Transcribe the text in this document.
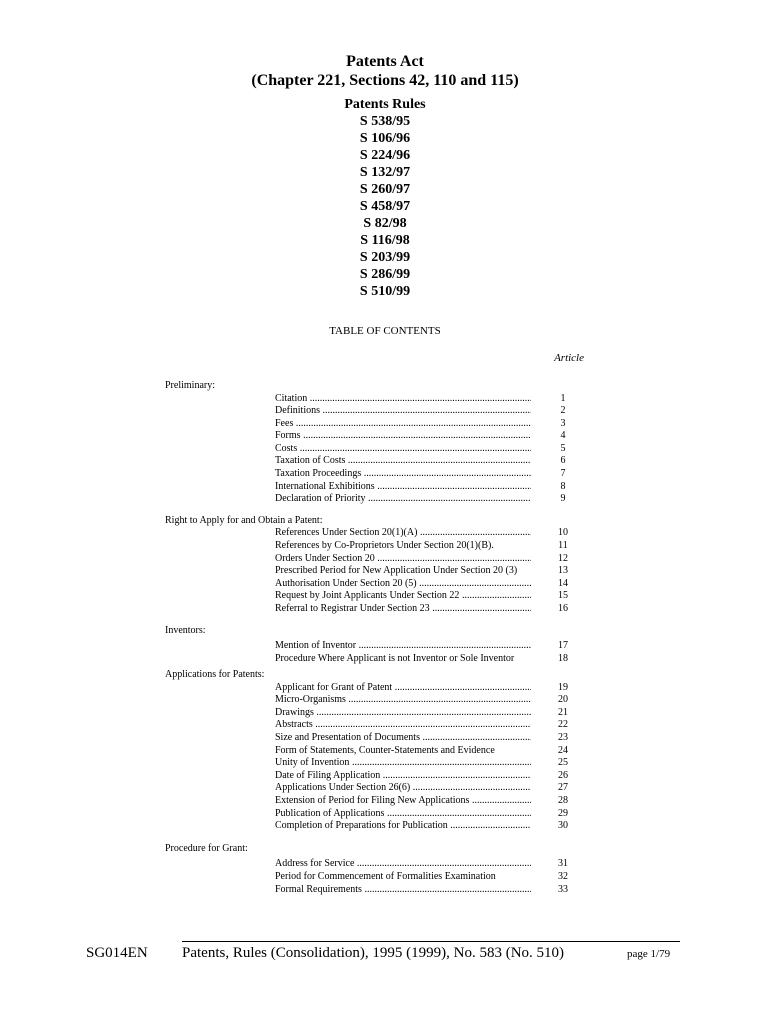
Patents Act
(Chapter 221, Sections 42, 110 and 115)
Patents Rules
S 538/95
S 106/96
S 224/96
S 132/97
S 260/97
S 458/97
S 82/98
S 116/98
S 203/99
S 286/99
S 510/99
TABLE OF CONTENTS
Article
Preliminary:
Citation .....	1
Definitions .....	2
Fees .....	3
Forms .....	4
Costs .....	5
Taxation of Costs .....	6
Taxation Proceedings .....	7
International Exhibitions .....	8
Declaration of Priority .....	9
Right to Apply for and Obtain a Patent:
References Under Section 20(1)(A) .....	10
References by Co-Proprietors Under Section 20(1)(B).	11
Orders Under Section 20 .....	12
Prescribed Period for New Application Under Section 20 (3)	13
Authorisation Under Section 20 (5) .....	14
Request by Joint Applicants Under Section 22 .....	15
Referral to Registrar Under Section 23 .....	16
Inventors:
Mention of Inventor .....	17
Procedure Where Applicant is not Inventor or Sole Inventor	18
Applications for Patents:
Applicant for Grant of Patent .....	19
Micro-Organisms .....	20
Drawings .....	21
Abstracts .....	22
Size and Presentation of Documents .....	23
Form of Statements, Counter-Statements and Evidence	24
Unity of Invention .....	25
Date of Filing Application .....	26
Applications Under Section 26(6) .....	27
Extension of Period for Filing New Applications .....	28
Publication of Applications .....	29
Completion of Preparations for Publication .....	30
Procedure for Grant:
Address for Service .....	31
Period for Commencement of Formalities Examination	32
Formal Requirements .....	33
SG014EN Patents, Rules (Consolidation), 1995 (1999), No. 583 (No. 510)	page 1/79
